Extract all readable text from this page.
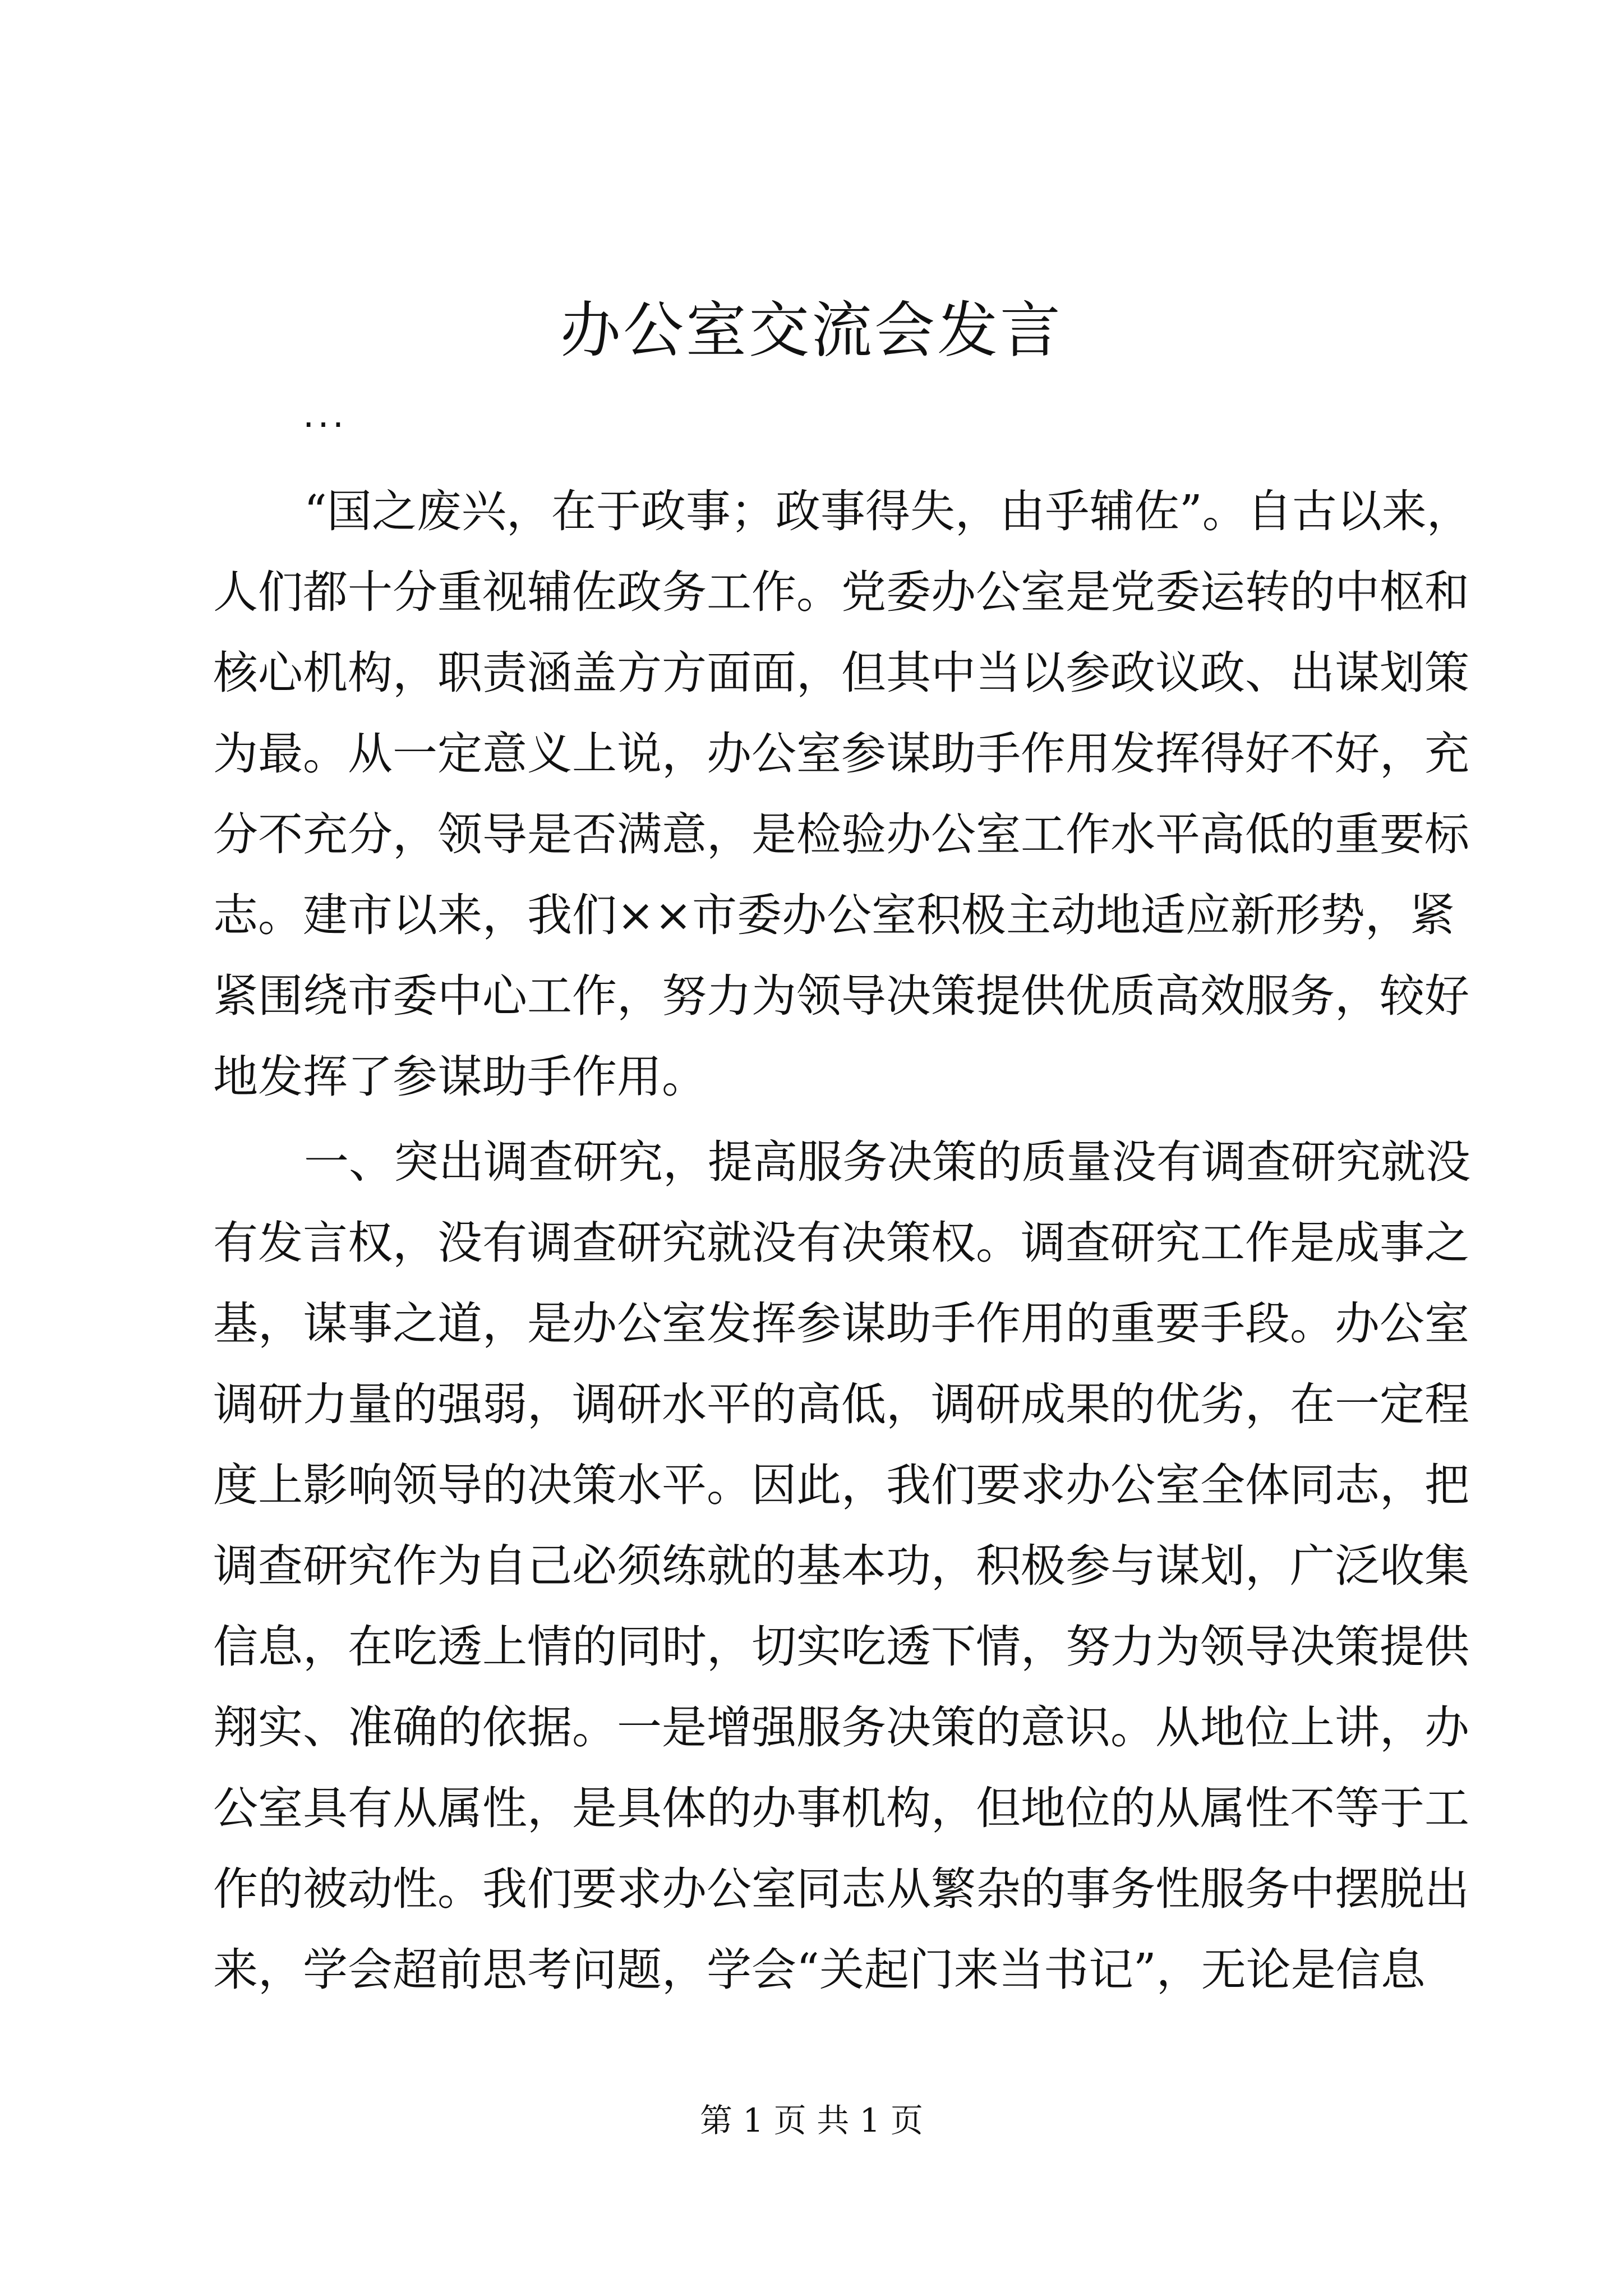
办公室交流会发言
...
“国之废兴，在于政事；政事得失，由乎辅佐”。自古以来，
人们都十分重视辅佐政务工作。党委办公室是党委运转的中枢和
核心机构，职责涵盖方方面面，但其中当以参政议政、出谋划策
为最。从一定意义上说，办公室参谋助手作用发挥得好不好，充
分不充分，领导是否满意，是检验办公室工作水平高低的重要标
志。建市以来，我们××市委办公室积极主动地适应新形势，紧
紧围绕市委中心工作，努力为领导决策提供优质高效服务，较好
地发挥了参谋助手作用。
一、突出调查研究，提高服务决策的质量没有调查研究就没
有发言权，没有调查研究就没有决策权。调查研究工作是成事之
基，谋事之道，是办公室发挥参谋助手作用的重要手段。办公室
调研力量的强弱，调研水平的高低，调研成果的优劣，在一定程
度上影响领导的决策水平。因此，我们要求办公室全体同志，把
调查研究作为自己必须练就的基本功，积极参与谋划，广泛收集
信息，在吃透上情的同时，切实吃透下情，努力为领导决策提供
翔实、准确的依据。一是增强服务决策的意识。从地位上讲，办
公室具有从属性，是具体的办事机构，但地位的从属性不等于工
作的被动性。我们要求办公室同志从繁杂的事务性服务中摆脱出
来，学会超前思考问题，学会“关起门来当书记”，无论是信息
第 1 页 共 1 页
